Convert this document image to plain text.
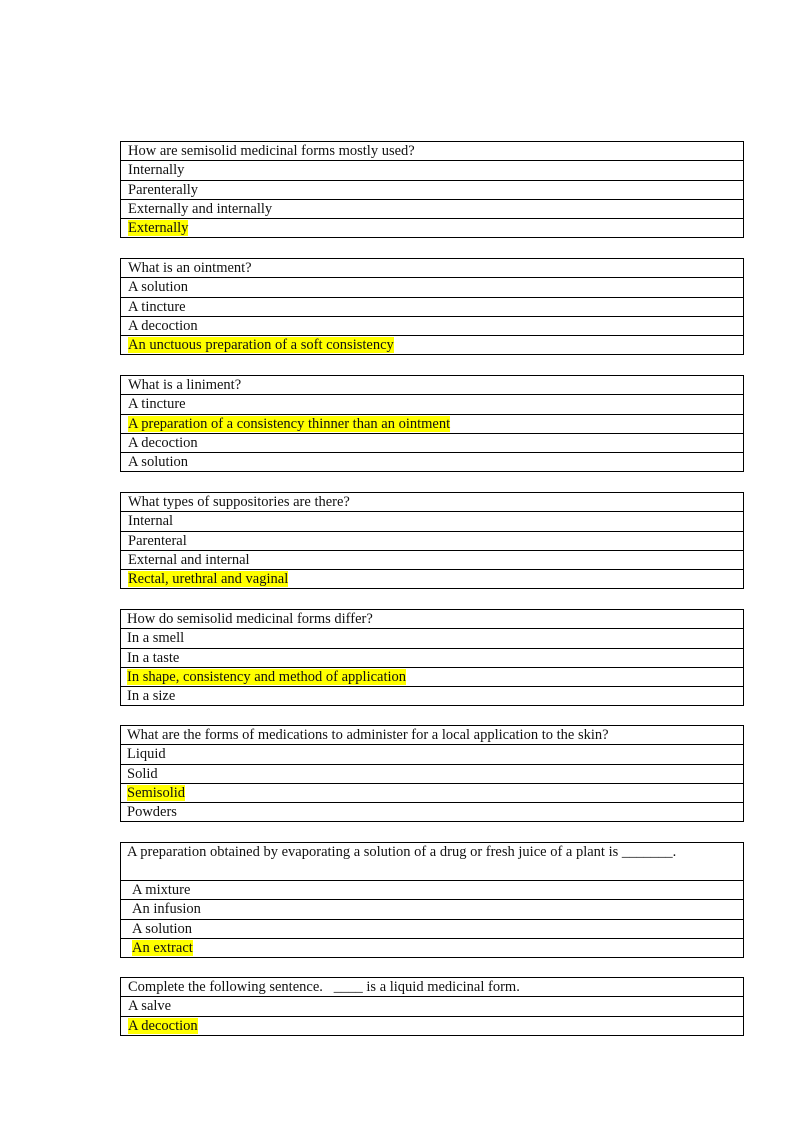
How are semisolid medicinal forms mostly used?
Internally
Parenterally
Externally and internally
Externally
What is an ointment?
A solution
A tincture
A decoction
An unctuous preparation of a soft consistency
What is a liniment?
A tincture
A preparation of a consistency thinner than an ointment
A decoction
A solution
What types of suppositories are there?
Internal
Parenteral
External and internal
Rectal, urethral and vaginal
How do semisolid medicinal forms differ?
In a smell
In a taste
In shape, consistency and method of application
In a size
What are the forms of medications to administer for a local application to the skin?
Liquid
Solid
Semisolid
Powders
A preparation obtained by evaporating a solution of a drug or fresh juice of a plant is _______.
A mixture
An infusion
A solution
An extract
Complete the following sentence.   ____ is a liquid medicinal form.
A salve
A decoction
